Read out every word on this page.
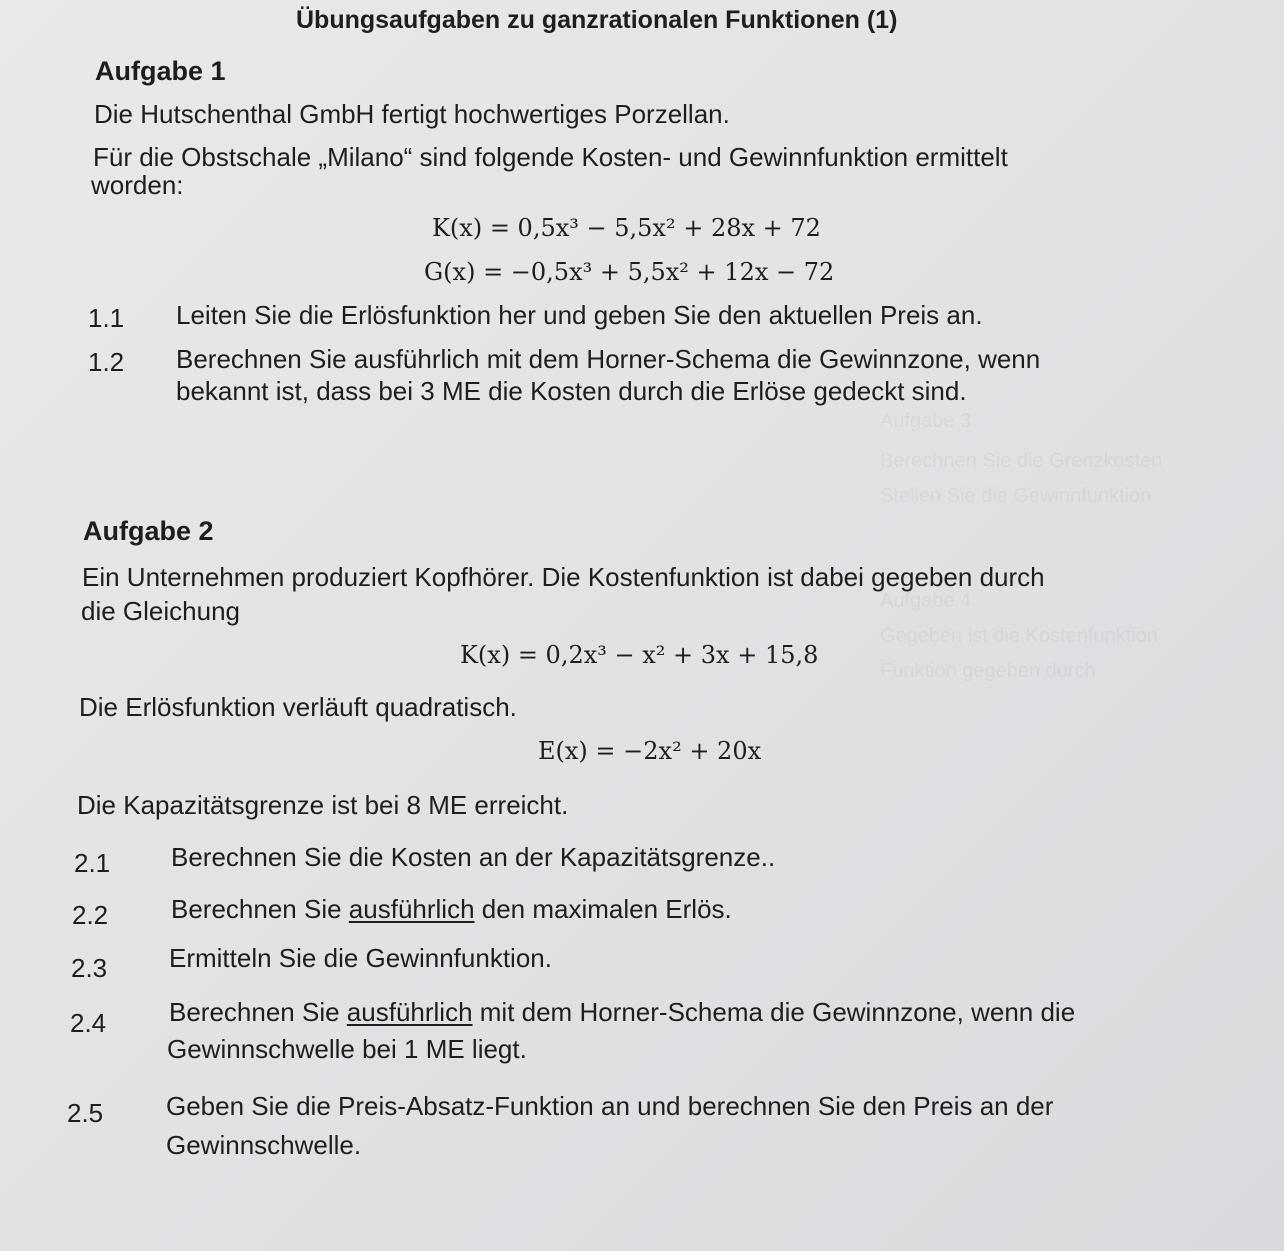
Übungsaufgaben zu ganzrationalen Funktionen (1)
Aufgabe 1
Die Hutschenthal GmbH fertigt hochwertiges Porzellan.
Für die Obstschale „Milano“ sind folgende Kosten- und Gewinnfunktion ermittelt
worden:
K(x) = 0,5x³ − 5,5x² + 28x + 72
G(x) = −0,5x³ + 5,5x² + 12x − 72
1.1 Leiten Sie die Erlösfunktion her und geben Sie den aktuellen Preis an.
1.2 Berechnen Sie ausführlich mit dem Horner-Schema die Gewinnzone, wenn
bekannt ist, dass bei 3 ME die Kosten durch die Erlöse gedeckt sind.
Aufgabe 3
Berechnen Sie die Grenzkosten
Stellen Sie die Gewinnfunktion
Aufgabe 4
Gegeben ist die Kostenfunktion
Funktion gegeben durch
Aufgabe 2
Ein Unternehmen produziert Kopfhörer. Die Kostenfunktion ist dabei gegeben durch
die Gleichung
K(x) = 0,2x³ − x² + 3x + 15,8
Die Erlösfunktion verläuft quadratisch.
E(x) = −2x² + 20x
Die Kapazitätsgrenze ist bei 8 ME erreicht.
2.1 Berechnen Sie die Kosten an der Kapazitätsgrenze..
2.2 Berechnen Sie ausführlich den maximalen Erlös.
2.3 Ermitteln Sie die Gewinnfunktion.
2.4 Berechnen Sie ausführlich mit dem Horner-Schema die Gewinnzone, wenn die
Gewinnschwelle bei 1 ME liegt.
2.5 Geben Sie die Preis-Absatz-Funktion an und berechnen Sie den Preis an der
Gewinnschwelle.
